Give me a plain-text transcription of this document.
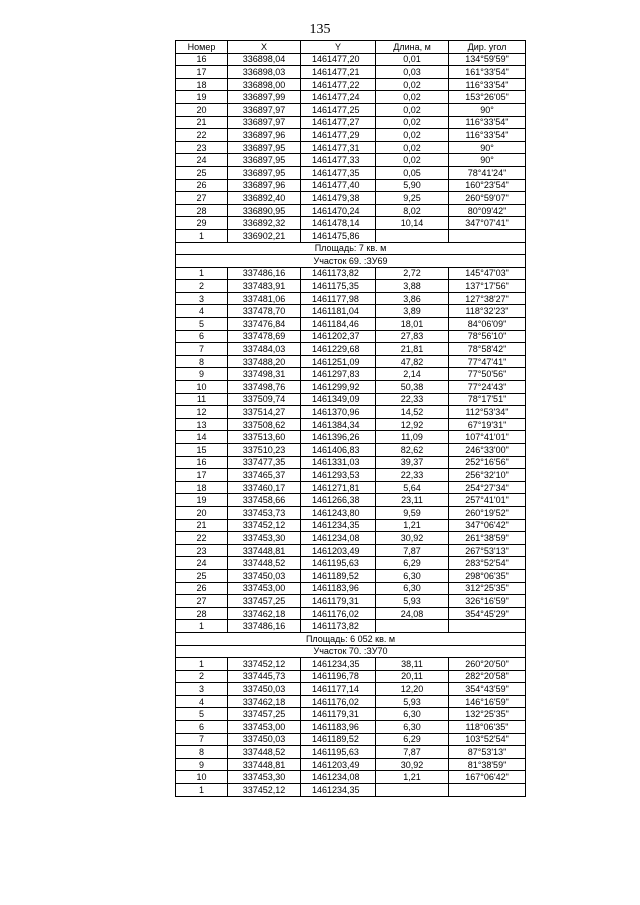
135
Номер	X	Y	Длина, м	Дир. угол
16	336898,04	1461477,20	0,01	134°59'59"
17	336898,03	1461477,21	0,03	161°33'54"
18	336898,00	1461477,22	0,02	116°33'54"
19	336897,99	1461477,24	0,02	153°26'05"
20	336897,97	1461477,25	0,02	90°
21	336897,97	1461477,27	0,02	116°33'54"
22	336897,96	1461477,29	0,02	116°33'54"
23	336897,95	1461477,31	0,02	90°
24	336897,95	1461477,33	0,02	90°
25	336897,95	1461477,35	0,05	78°41'24"
26	336897,96	1461477,40	5,90	160°23'54"
27	336892,40	1461479,38	9,25	260°59'07"
28	336890,95	1461470,24	8,02	80°09'42"
29	336892,32	1461478,14	10,14	347°07'41"
1	336902,21	1461475,86		
Площадь: 7 кв. м				
Участок 69. :ЗУ69				
1	337486,16	1461173,82	2,72	145°47'03"
2	337483,91	1461175,35	3,88	137°17'56"
3	337481,06	1461177,98	3,86	127°38'27"
4	337478,70	1461181,04	3,89	118°32'23"
5	337476,84	1461184,46	18,01	84°06'09"
6	337478,69	1461202,37	27,83	78°56'10"
7	337484,03	1461229,68	21,81	78°58'42"
8	337488,20	1461251,09	47,82	77°47'41"
9	337498,31	1461297,83	2,14	77°50'56"
10	337498,76	1461299,92	50,38	77°24'43"
11	337509,74	1461349,09	22,33	78°17'51"
12	337514,27	1461370,96	14,52	112°53'34"
13	337508,62	1461384,34	12,92	67°19'31"
14	337513,60	1461396,26	11,09	107°41'01"
15	337510,23	1461406,83	82,62	246°33'00"
16	337477,35	1461331,03	39,37	252°16'56"
17	337465,37	1461293,53	22,33	256°32'10"
18	337460,17	1461271,81	5,64	254°27'34"
19	337458,66	1461266,38	23,11	257°41'01"
20	337453,73	1461243,80	9,59	260°19'52"
21	337452,12	1461234,35	1,21	347°06'42"
22	337453,30	1461234,08	30,92	261°38'59"
23	337448,81	1461203,49	7,87	267°53'13"
24	337448,52	1461195,63	6,29	283°52'54"
25	337450,03	1461189,52	6,30	298°06'35"
26	337453,00	1461183,96	6,30	312°25'35"
27	337457,25	1461179,31	5,93	326°16'59"
28	337462,18	1461176,02	24,08	354°45'29"
1	337486,16	1461173,82		
Площадь: 6 052 кв. м				
Участок 70. :ЗУ70				
1	337452,12	1461234,35	38,11	260°20'50"
2	337445,73	1461196,78	20,11	282°20'58"
3	337450,03	1461177,14	12,20	354°43'59"
4	337462,18	1461176,02	5,93	146°16'59"
5	337457,25	1461179,31	6,30	132°25'35"
6	337453,00	1461183,96	6,30	118°06'35"
7	337450,03	1461189,52	6,29	103°52'54"
8	337448,52	1461195,63	7,87	87°53'13"
9	337448,81	1461203,49	30,92	81°38'59"
10	337453,30	1461234,08	1,21	167°06'42"
1	337452,12	1461234,35		
